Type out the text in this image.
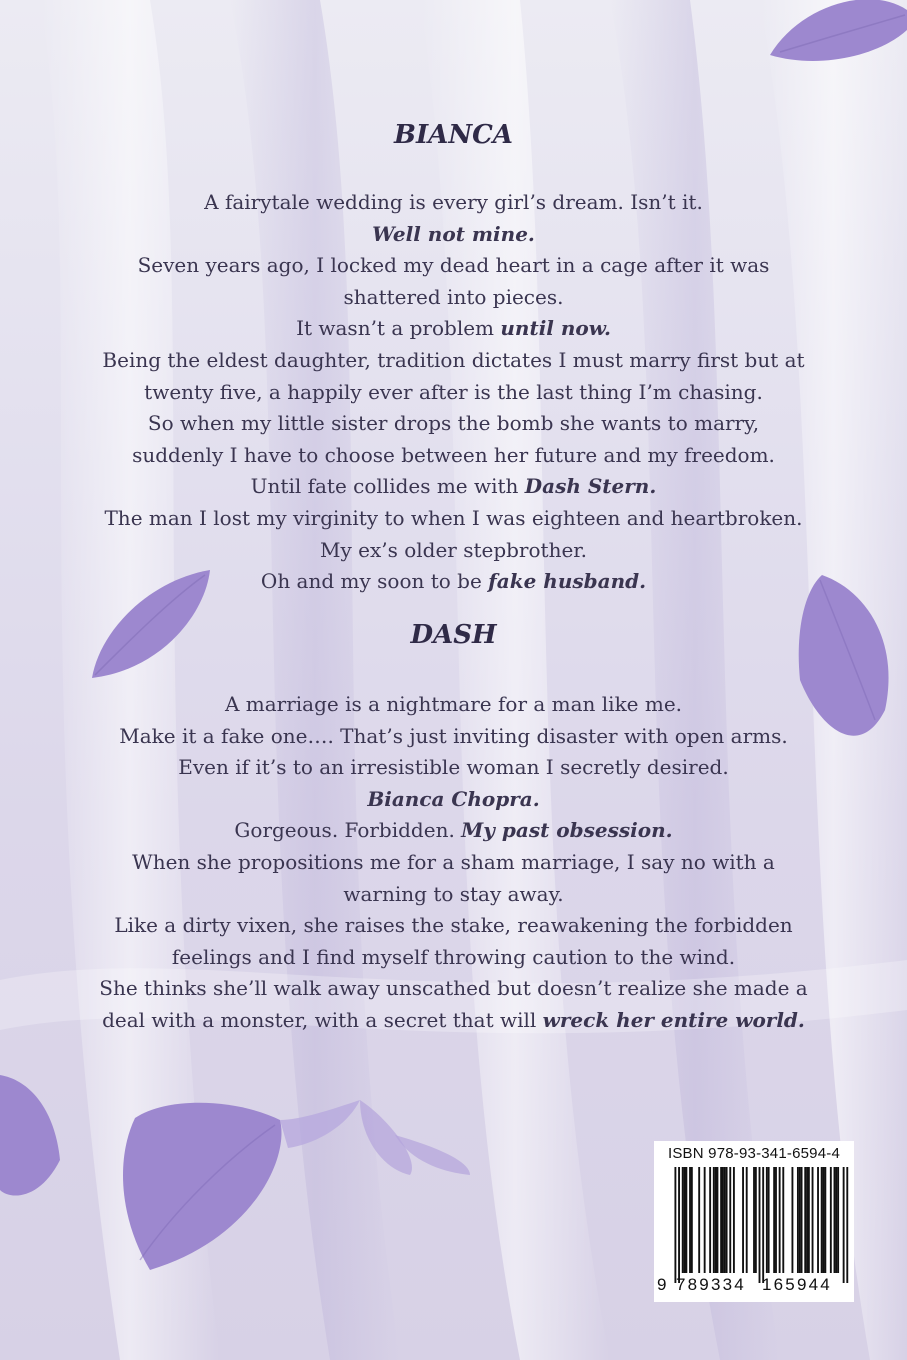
BIANCA
A fairytale wedding is every girl’s dream. Isn’t it.
Well not mine.
Seven years ago, I locked my dead heart in a cage after it was
shattered into pieces.
It wasn’t a problem until now.
Being the eldest daughter, tradition dictates I must marry first but at
twenty five, a happily ever after is the last thing I’m chasing.
So when my little sister drops the bomb she wants to marry,
suddenly I have to choose between her future and my freedom.
Until fate collides me with Dash Stern.
The man I lost my virginity to when I was eighteen and heartbroken.
My ex’s older stepbrother.
Oh and my soon to be fake husband.
DASH
A marriage is a nightmare for a man like me.
Make it a fake one…. That’s just inviting disaster with open arms.
Even if it’s to an irresistible woman I secretly desired.
Bianca Chopra.
Gorgeous. Forbidden. My past obsession.
When she propositions me for a sham marriage, I say no with a
warning to stay away.
Like a dirty vixen, she raises the stake, reawakening the forbidden
feelings and I find myself throwing caution to the wind.
She thinks she’ll walk away unscathed but doesn’t realize she made a
deal with a monster, with a secret that will wreck her entire world.
ISBN 978-93-341-6594-4
9 789334 165944
